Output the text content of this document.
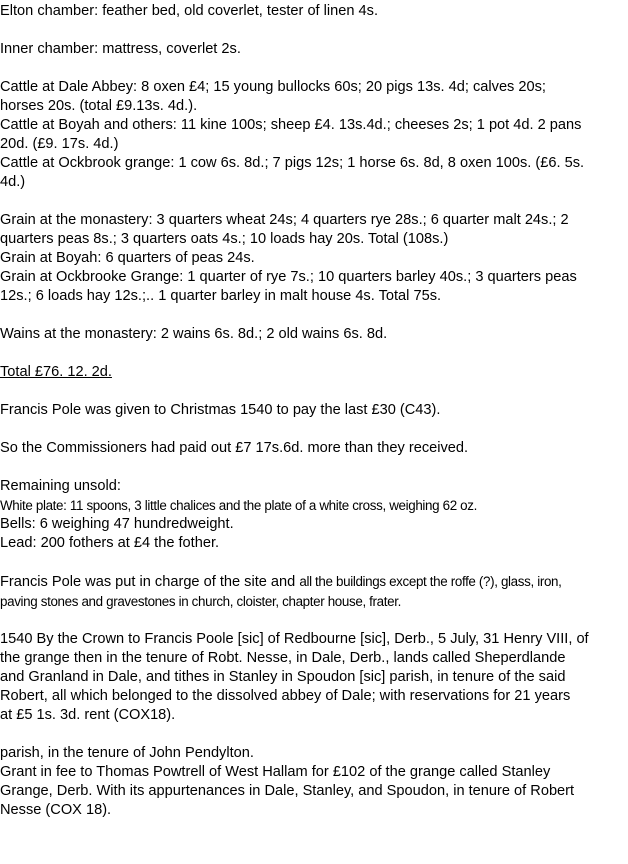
Elton chamber: feather bed, old coverlet, tester of linen 4s.

Inner chamber: mattress, coverlet 2s.

Cattle at Dale Abbey: 8 oxen £4; 15 young bullocks 60s; 20 pigs 13s. 4d; calves 20s;
horses 20s. (total £9.13s. 4d.).

Cattle at Boyah and others: 11 kine 100s; sheep £4. 13s.4d.; cheeses 2s; 1 pot 4d. 2 pans
20d. (£9. 17s. 4d.)

Cattle at Ockbrook grange: 1 cow 6s. 8d.; 7 pigs 12s; 1 horse 6s. 8d, 8 oxen 100s. (£6. 5s.
4d.)

Grain at the monastery: 3 quarters wheat 24s; 4 quarters rye 28s.; 6 quarter malt 24s.; 2
quarters peas 8s.; 3 quarters oats 4s.; 10 loads hay 20s. Total (108s.)

Grain at Boyah: 6 quarters of peas 24s.

Grain at Ockbrooke Grange: 1 quarter of rye 7s.; 10 quarters barley 40s.; 3 quarters peas
12s.; 6 loads hay 12s.;.. 1 quarter barley in malt house 4s. Total 75s.

Wains at the monastery: 2 wains 6s. 8d.; 2 old wains 6s. 8d.

Total £76. 12. 2d.

Francis Pole was given to Christmas 1540 to pay the last £30 (C43).

So the Commissioners had paid out £7 17s.6d. more than they received.

Remaining unsold:
White plate: 11 spoons, 3 little chalices and the plate of a white cross, weighing 62 oz.
Bells: 6 weighing 47 hundredweight.
Lead: 200 fothers at £4 the fother.

Francis Pole was put in charge of the site and all the buildings except the roffe (?), glass, iron,
paving stones and gravestones in church, cloister, chapter house, frater.

1540 By the Crown to Francis Poole [sic] of Redbourne [sic], Derb., 5 July, 31 Henry VIII, of
the grange then in the tenure of Robt. Nesse, in Dale, Derb., lands called Sheperdlande
and Granland in Dale, and tithes in Stanley in Spoudon [sic] parish, in tenure of the said
Robert, all which belonged to the dissolved abbey of Dale; with reservations for 21 years
at £5 1s. 3d. rent (COX18).

parish, in the tenure of John Pendylton.

Grant in fee to Thomas Powtrell of West Hallam for £102 of the grange called Stanley
Grange, Derb. With its appurtenances in Dale, Stanley, and Spoudon, in tenure of Robert
Nesse (COX 18).
